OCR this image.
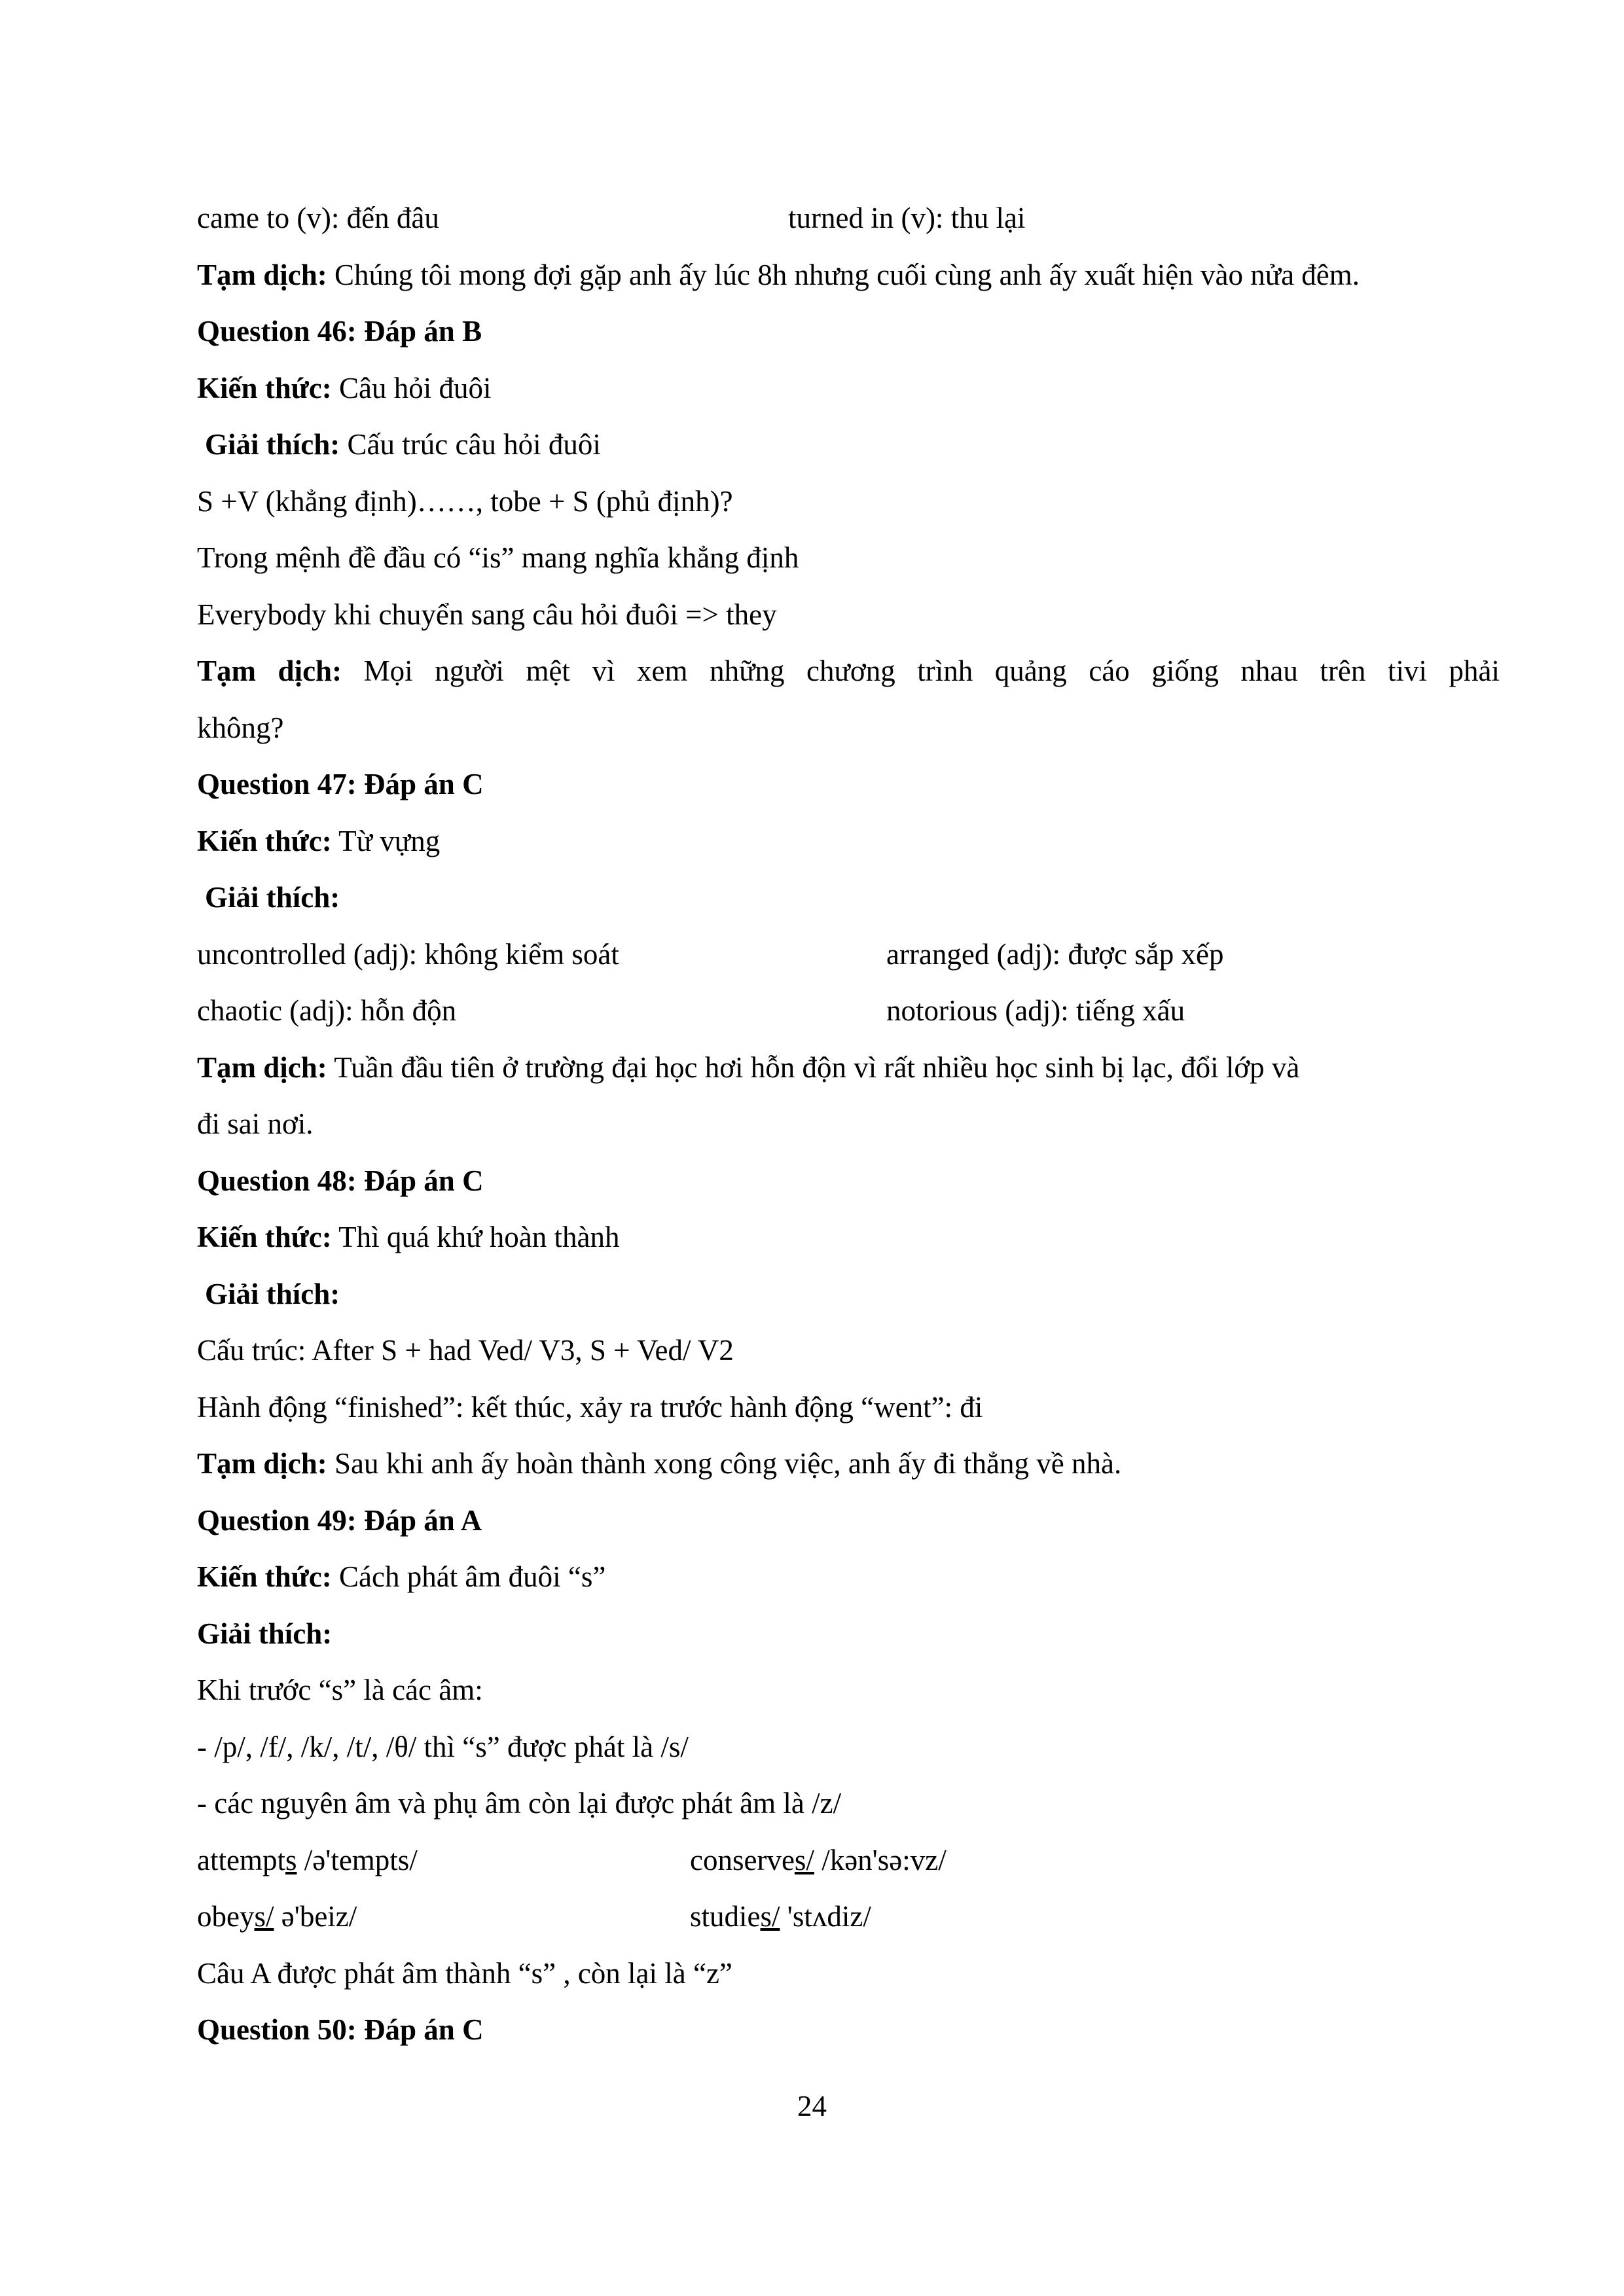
came to (v): đến đâu	turned in (v): thu lại
Tạm dịch: Chúng tôi mong đợi gặp anh ấy lúc 8h nhưng cuối cùng anh ấy xuất hiện vào nửa đêm.
Question 46: Đáp án B
Kiến thức: Câu hỏi đuôi
Giải thích: Cấu trúc câu hỏi đuôi
S +V (khẳng định)……, tobe + S (phủ định)?
Trong mệnh đề đầu có “is” mang nghĩa khẳng định
Everybody khi chuyển sang câu hỏi đuôi => they
Tạm dịch: Mọi người mệt vì xem những chương trình quảng cáo giống nhau trên tivi phải
không?
Question 47: Đáp án C
Kiến thức: Từ vựng
Giải thích:
uncontrolled (adj): không kiểm soát	arranged (adj): được sắp xếp
chaotic (adj): hỗn độn	notorious (adj): tiếng xấu
Tạm dịch: Tuần đầu tiên ở trường đại học hơi hỗn độn vì rất nhiều học sinh bị lạc, đổi lớp và
đi sai nơi.
Question 48: Đáp án C
Kiến thức: Thì quá khứ hoàn thành
Giải thích:
Cấu trúc: After S + had Ved/ V3, S + Ved/ V2
Hành động “finished”: kết thúc, xảy ra trước hành động “went”: đi
Tạm dịch: Sau khi anh ấy hoàn thành xong công việc, anh ấy đi thẳng về nhà.
Question 49: Đáp án A
Kiến thức: Cách phát âm đuôi “s”
Giải thích:
Khi trước “s” là các âm:
- /p/, /f/, /k/, /t/, /θ/ thì “s” được phát là /s/
- các nguyên âm và phụ âm còn lại được phát âm là /z/
attempts /ə'tempts/	conserves/ /kən'sə:vz/
obeys/ ə'beiz/	studies/ 'stʌdiz/
Câu A được phát âm thành “s” , còn lại là “z”
Question 50: Đáp án C
24
